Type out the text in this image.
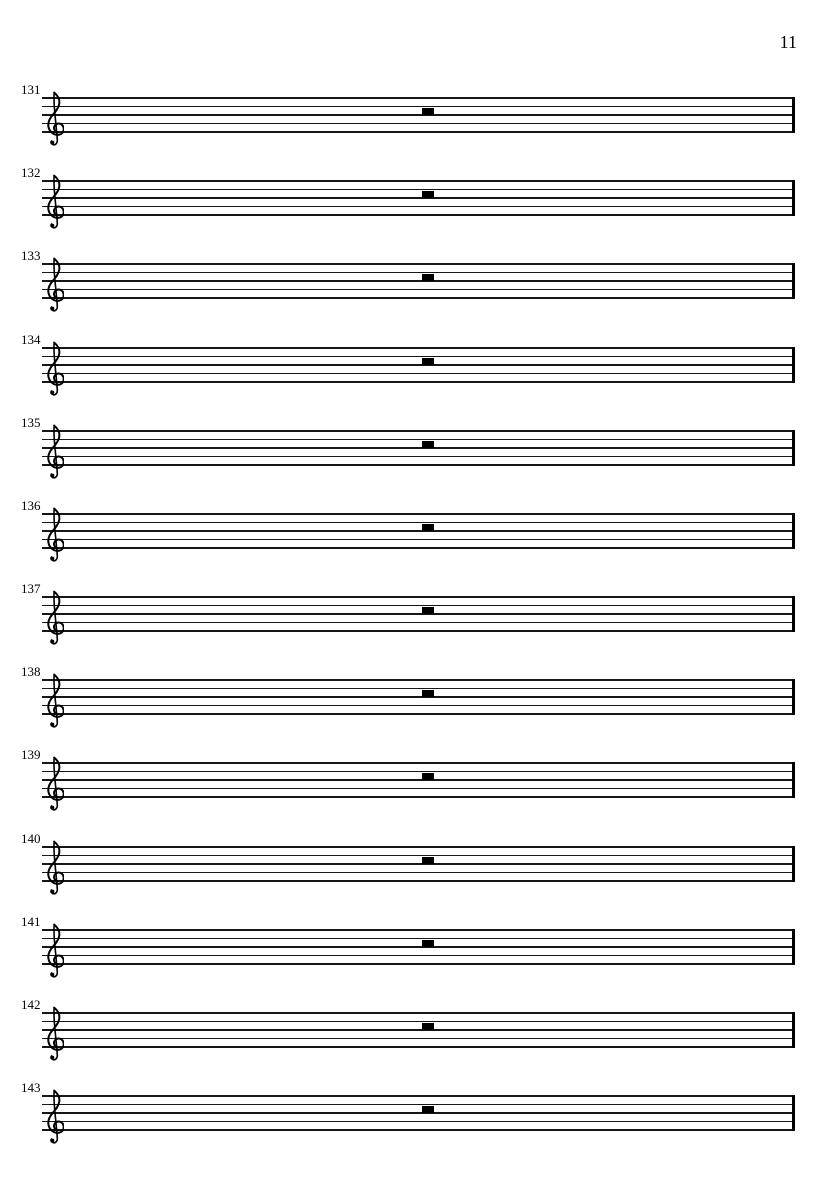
11
131
132
133
134
135
136
137
138
139
140
141
142
143
